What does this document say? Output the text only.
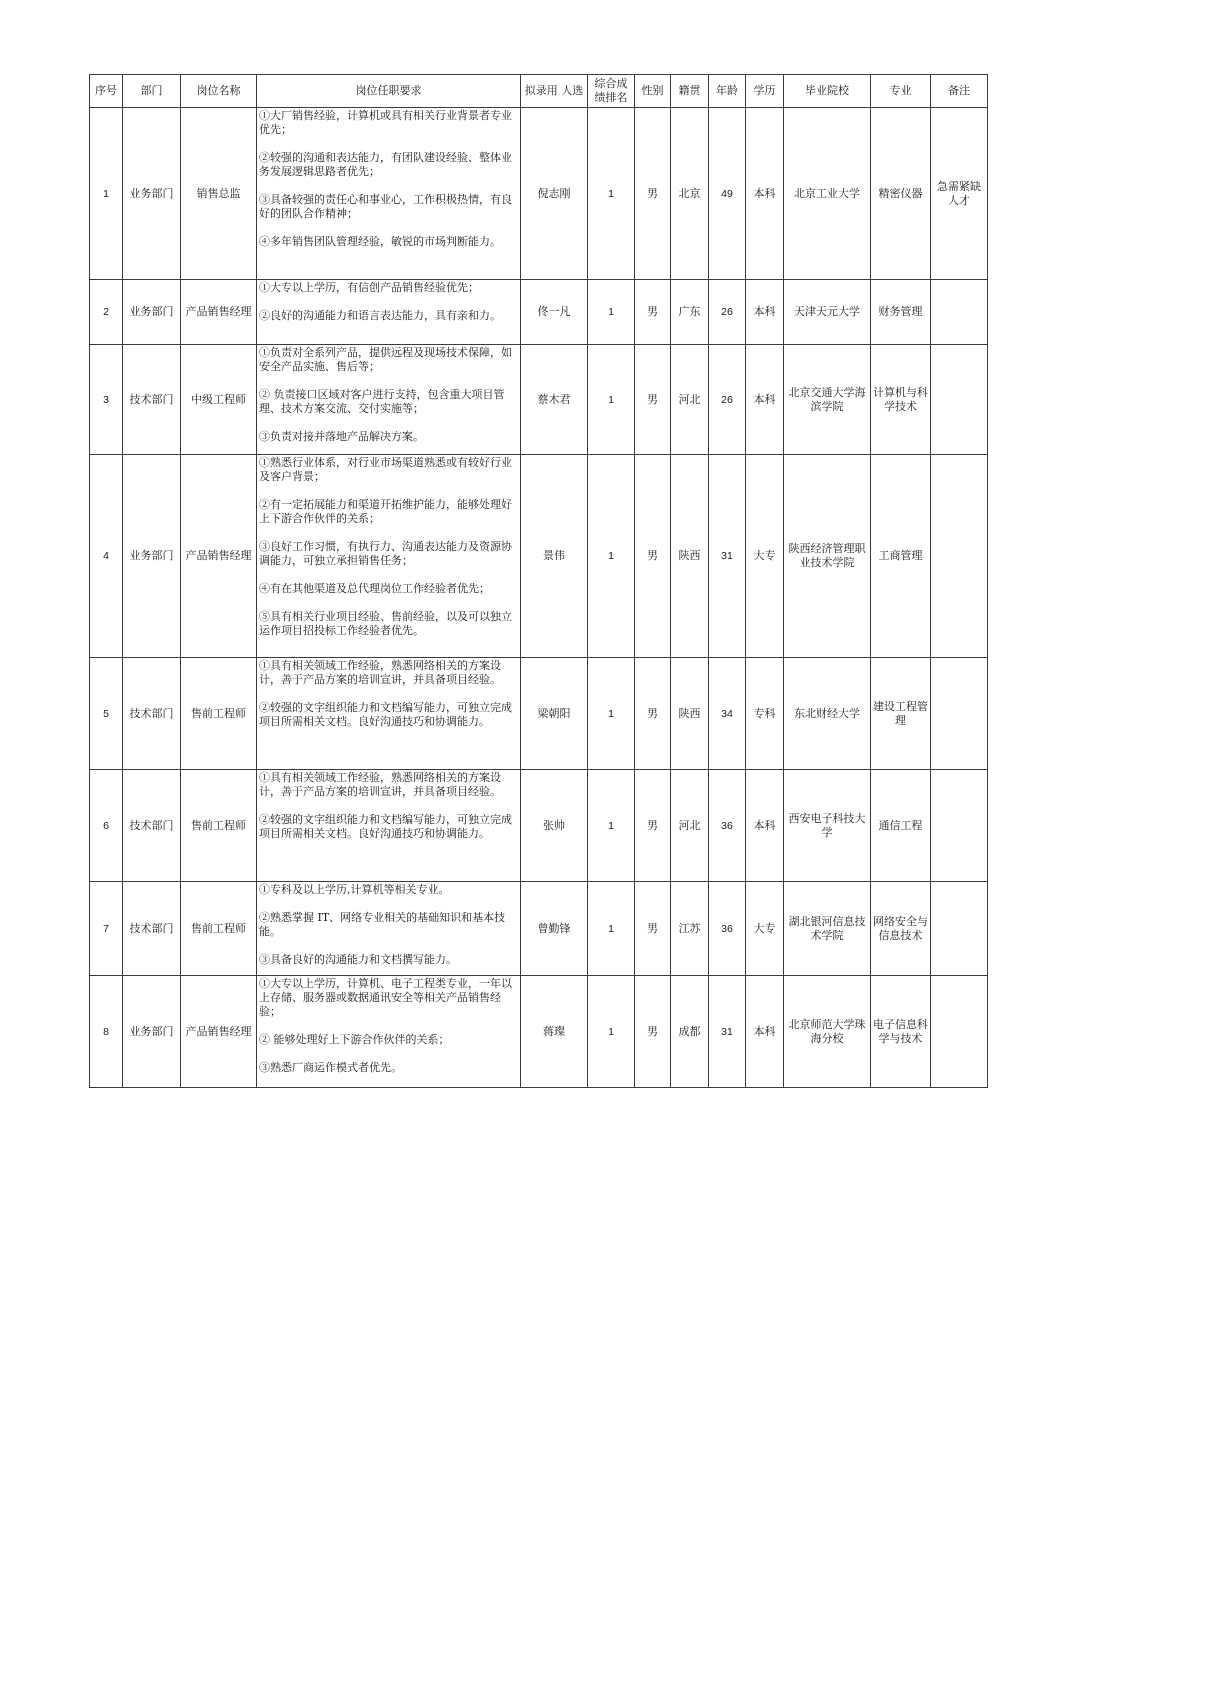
序号	部门	岗位名称	岗位任职要求	拟录用 人选	综合成绩排名	性别	籍贯	年龄	学历	毕业院校	专业	备注
1	业务部门	销售总监	①大厂销售经验，计算机或具有相关行业背景者专业优先；

②较强的沟通和表达能力，有团队建设经验、整体业务发展逻辑思路者优先；

③具备较强的责任心和事业心，工作积极热情，有良好的团队合作精神；

④多年销售团队管理经验，敏锐的市场判断能力。	倪志刚	1	男	北京	49	本科	北京工业大学	精密仪器	急需紧缺人才
2	业务部门	产品销售经理	①大专以上学历，有信创产品销售经验优先；

②良好的沟通能力和语言表达能力，具有亲和力。	佟一凡	1	男	广东	26	本科	天津天元大学	财务管理	
3	技术部门	中级工程师	①负责对全系列产品，提供远程及现场技术保障，如安全产品实施、售后等；

② 负责接口区域对客户进行支持，包含重大项目管理、技术方案交流、交付实施等；

③负责对接并落地产品解决方案。	蔡木君	1	男	河北	26	本科	北京交通大学海滨学院	计算机与科学技术	
4	业务部门	产品销售经理	①熟悉行业体系，对行业市场渠道熟悉或有较好行业及客户背景；

②有一定拓展能力和渠道开拓维护能力，能够处理好上下游合作伙伴的关系；

③良好工作习惯，有执行力、沟通表达能力及资源协调能力，可独立承担销售任务；

④有在其他渠道及总代理岗位工作经验者优先；

⑤具有相关行业项目经验、售前经验，以及可以独立运作项目招投标工作经验者优先。	景伟	1	男	陕西	31	大专	陕西经济管理职业技术学院	工商管理	
5	技术部门	售前工程师	①具有相关领域工作经验，熟悉网络相关的方案设计，善于产品方案的培训宣讲，并具备项目经验。

②较强的文字组织能力和文档编写能力，可独立完成项目所需相关文档。良好沟通技巧和协调能力。	梁朝阳	1	男	陕西	34	专科	东北财经大学	建设工程管理	
6	技术部门	售前工程师	①具有相关领域工作经验，熟悉网络相关的方案设计，善于产品方案的培训宣讲，并具备项目经验。

②较强的文字组织能力和文档编写能力，可独立完成项目所需相关文档。良好沟通技巧和协调能力。	张帅	1	男	河北	36	本科	西安电子科技大学	通信工程	
7	技术部门	售前工程师	①专科及以上学历,计算机等相关专业。

②熟悉掌握 IT、网络专业相关的基础知识和基本技能。

③具备良好的沟通能力和文档撰写能力。	曾勤锋	1	男	江苏	36	大专	湖北银河信息技术学院	网络安全与信息技术	
8	业务部门	产品销售经理	①大专以上学历，计算机、电子工程类专业，一年以上存储、服务器或数据通讯安全等相关产品销售经验；

② 能够处理好上下游合作伙伴的关系；

③熟悉厂商运作模式者优先。	蒋璨	1	男	成都	31	本科	北京师范大学珠海分校	电子信息科学与技术	
